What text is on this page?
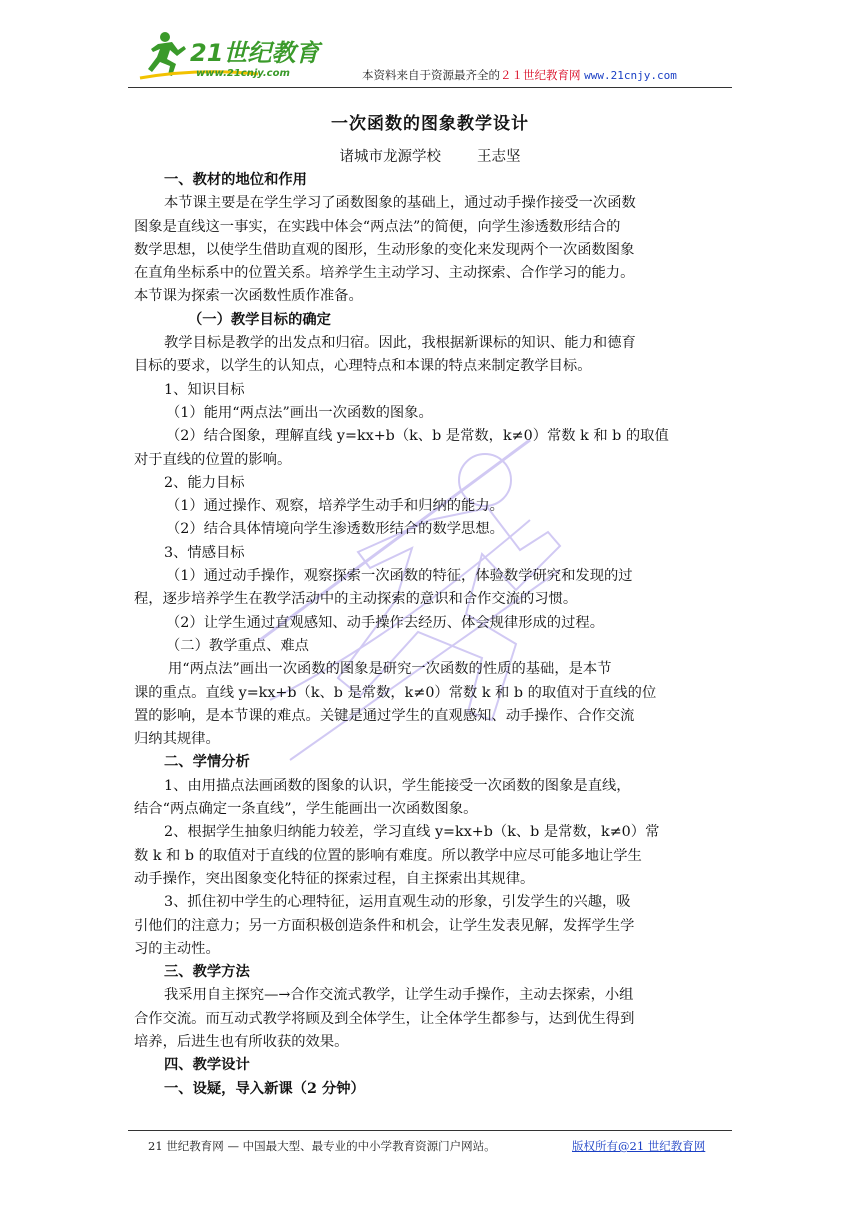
21世纪教育
www.21cnjy.com	本资料来自于资源最齐全的２１世纪教育网 www.21cnjy.com

一次函数的图象教学设计

诸城市龙源学校 王志坚

一、教材的地位和作用

本节课主要是在学生学习了函数图象的基础上，通过动手操作接受一次函数

图象是直线这一事实，在实践中体会“两点法”的简便，向学生渗透数形结合的

数学思想，以使学生借助直观的图形，生动形象的变化来发现两个一次函数图象

在直角坐标系中的位置关系。培养学生主动学习、主动探索、合作学习的能力。

本节课为探索一次函数性质作准备。

（一）教学目标的确定

教学目标是教学的出发点和归宿。因此，我根据新课标的知识、能力和德育

目标的要求，以学生的认知点，心理特点和本课的特点来制定教学目标。

1、知识目标

（1）能用“两点法”画出一次函数的图象。

（2）结合图象，理解直线 y=kx+b（k、b 是常数，k≠0）常数 k 和 b 的取值

对于直线的位置的影响。

2、能力目标

（1）通过操作、观察，培养学生动手和归纳的能力。

（2）结合具体情境向学生渗透数形结合的数学思想。

3、情感目标

（1）通过动手操作，观察探索一次函数的特征，体验数学研究和发现的过

程，逐步培养学生在教学活动中的主动探索的意识和合作交流的习惯。

（2）让学生通过直观感知、动手操作去经历、体会规律形成的过程。

（二）教学重点、难点

用“两点法”画出一次函数的图象是研究一次函数的性质的基础，是本节

课的重点。直线 y=kx+b（k、b 是常数，k≠0）常数 k 和 b 的取值对于直线的位

置的影响，是本节课的难点。关键是通过学生的直观感知、动手操作、合作交流

归纳其规律。

二、学情分析

1、由用描点法画函数的图象的认识，学生能接受一次函数的图象是直线，

结合“两点确定一条直线”，学生能画出一次函数图象。

2、根据学生抽象归纳能力较差，学习直线 y=kx+b（k、b 是常数，k≠0）常

数 k 和 b 的取值对于直线的位置的影响有难度。所以教学中应尽可能多地让学生

动手操作，突出图象变化特征的探索过程，自主探索出其规律。

3、抓住初中学生的心理特征，运用直观生动的形象，引发学生的兴趣，吸

引他们的注意力；另一方面积极创造条件和机会，让学生发表见解，发挥学生学

习的主动性。

三、教学方法

我采用自主探究—→合作交流式教学，让学生动手操作，主动去探索，小组

合作交流。而互动式教学将顾及到全体学生，让全体学生都参与，达到优生得到

培养，后进生也有所收获的效果。

四、教学设计

一、设疑，导入新课（2 分钟）

21 世纪教育网 — 中国最大型、最专业的中小学教育资源门户网站。	版权所有@21 世纪教育网
